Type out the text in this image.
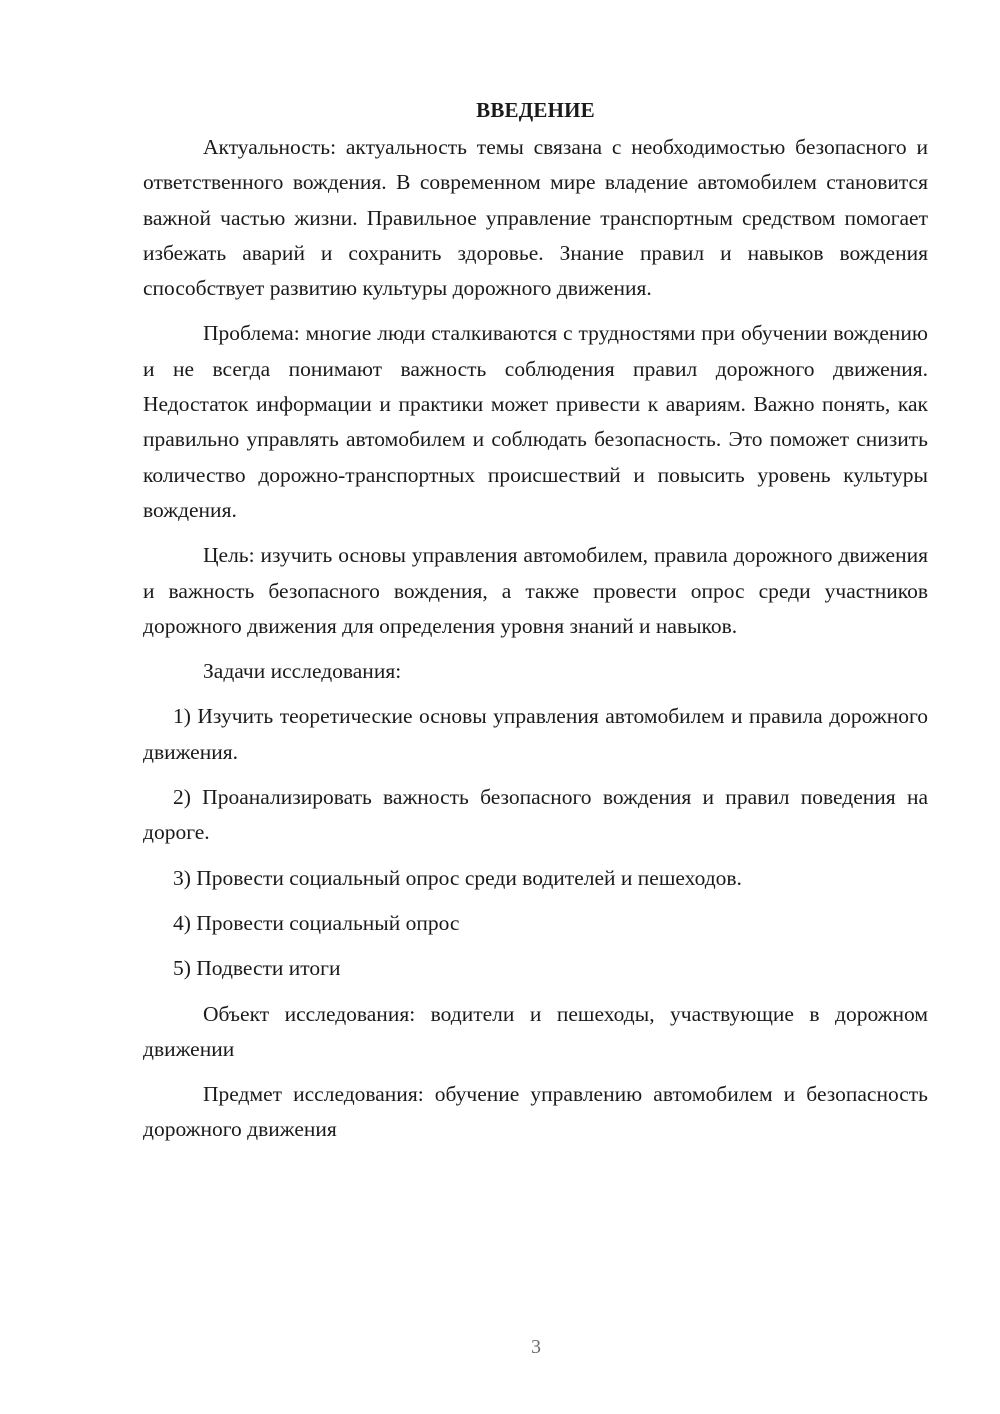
ВВЕДЕНИЕ

Актуальность: актуальность темы связана с необходимостью безопасного и ответственного вождения. В современном мире владение автомобилем становится важной частью жизни. Правильное управление транспортным средством помогает избежать аварий и сохранить здоровье. Знание правил и навыков вождения способствует развитию культуры дорожного движения.

Проблема: многие люди сталкиваются с трудностями при обучении вождению и не всегда понимают важность соблюдения правил дорожного движения. Недостаток информации и практики может привести к авариям. Важно понять, как правильно управлять автомобилем и соблюдать безопасность. Это поможет снизить количество дорожно-транспортных происшествий и повысить уровень культуры вождения.

Цель: изучить основы управления автомобилем, правила дорожного движения и важность безопасного вождения, а также провести опрос среди участников дорожного движения для определения уровня знаний и навыков.

Задачи исследования:

1) Изучить теоретические основы управления автомобилем и правила дорожного движения.

2) Проанализировать важность безопасного вождения и правил поведения на дороге.

3) Провести социальный опрос среди водителей и пешеходов.

4) Провести социальный опрос

5) Подвести итоги

Объект исследования: водители и пешеходы, участвующие в дорожном движении

Предмет исследования: обучение управлению автомобилем и безопасность дорожного движения

3
